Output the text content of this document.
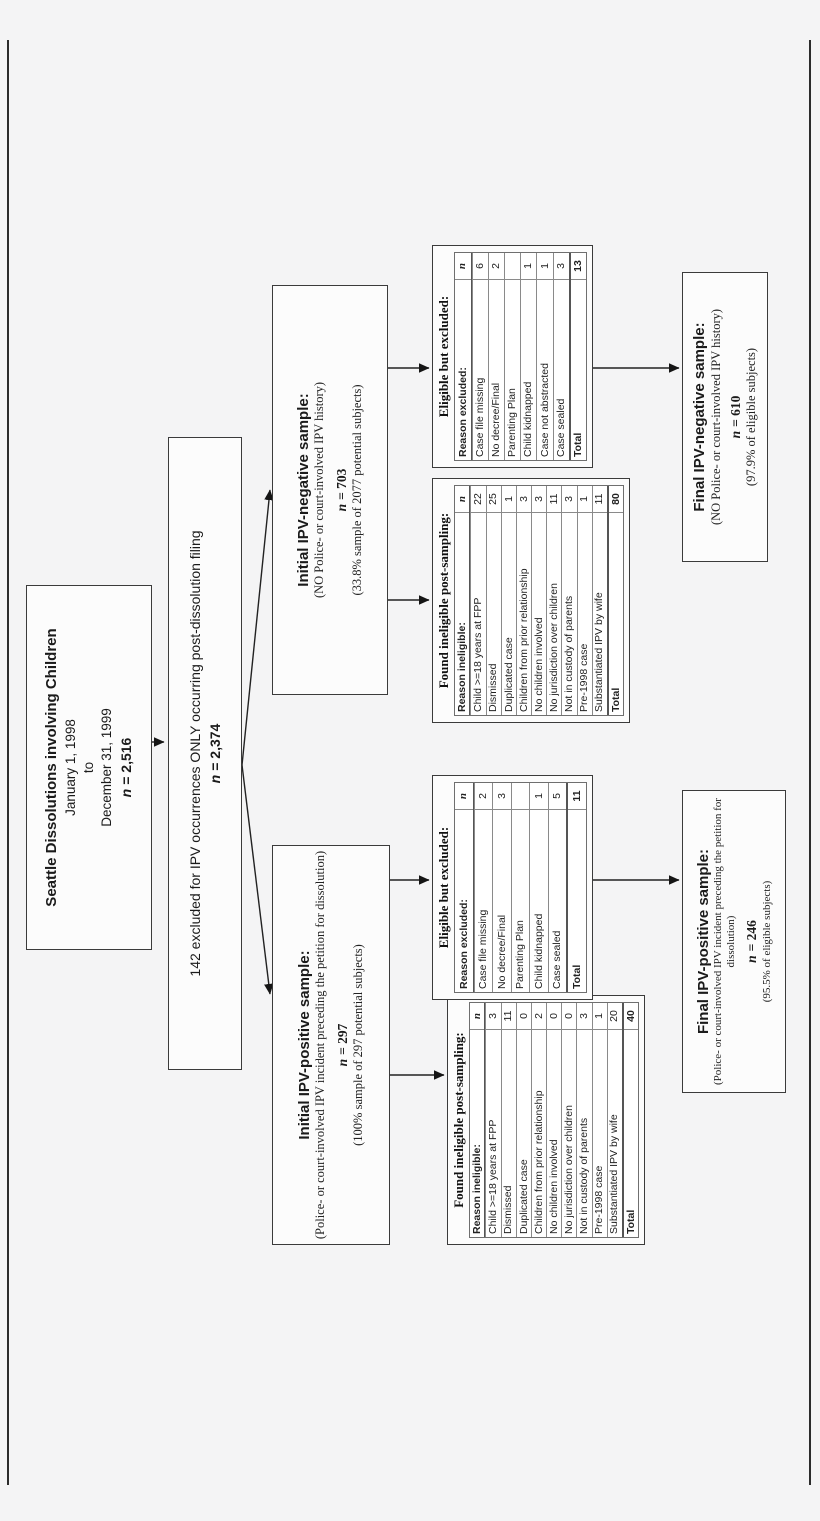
Seattle Dissolutions involving Children January 1, 1998 to December 31, 1999 n= 2,516	142 excluded for IPV occurrences ONLY occurring post-dissolution filing n= 2,374
Initial IPV-positive sample: (Police- or court-involved IPV incident preceding the petition for dissolution) n= 297 (100% sample of 297 potential subjects)
Initial IPV-negative sample: (NO Police- or court-involved IPV history) n= 703 (33.8% sample of 2077 potential subjects)
Found ineligible post-sampling: Reason ineligible:
n
Child >=18 years at FPP
3
Dismissed
11
Duplicated case
0
Children from prior relationship
2
No children involved
0
No jurisdiction over children
0
Not in custody of parents
3
Pre-1998 case
1
Substantiated IPV by wife
20
Total
40
Eligible but excluded: Reason excluded:
n
Case file missing
2
No decree/Final
3
Parenting Plan Child kidnapped
1
Case sealed
5
Total
11
Found ineligible post-sampling: Reason ineligible:
n
Child >=18 years at FPP
22
Dismissed
25
Duplicated case
1
Children from prior relationship
3
No children involved
3
No jurisdiction over children
11
Not in custody of parents
3
Pre-1998 case
1
Substantiated IPV by wife
11
Total
80
Eligible but excluded: Reason excluded:
n
Case file missing
6
No decree/Final
2
Parenting Plan Child kidnapped
1
Case not abstracted
1
Case sealed
3
Total
13
Final IPV-positive sample: (Police- or court-involved IPV incident preceding the petition for dissolution) n= 246 (95.5% of eligible subjects)
Final IPV-negative sample: (NO Police- or court-involved IPV history) n= 610 (97.9% of eligible subjects)
